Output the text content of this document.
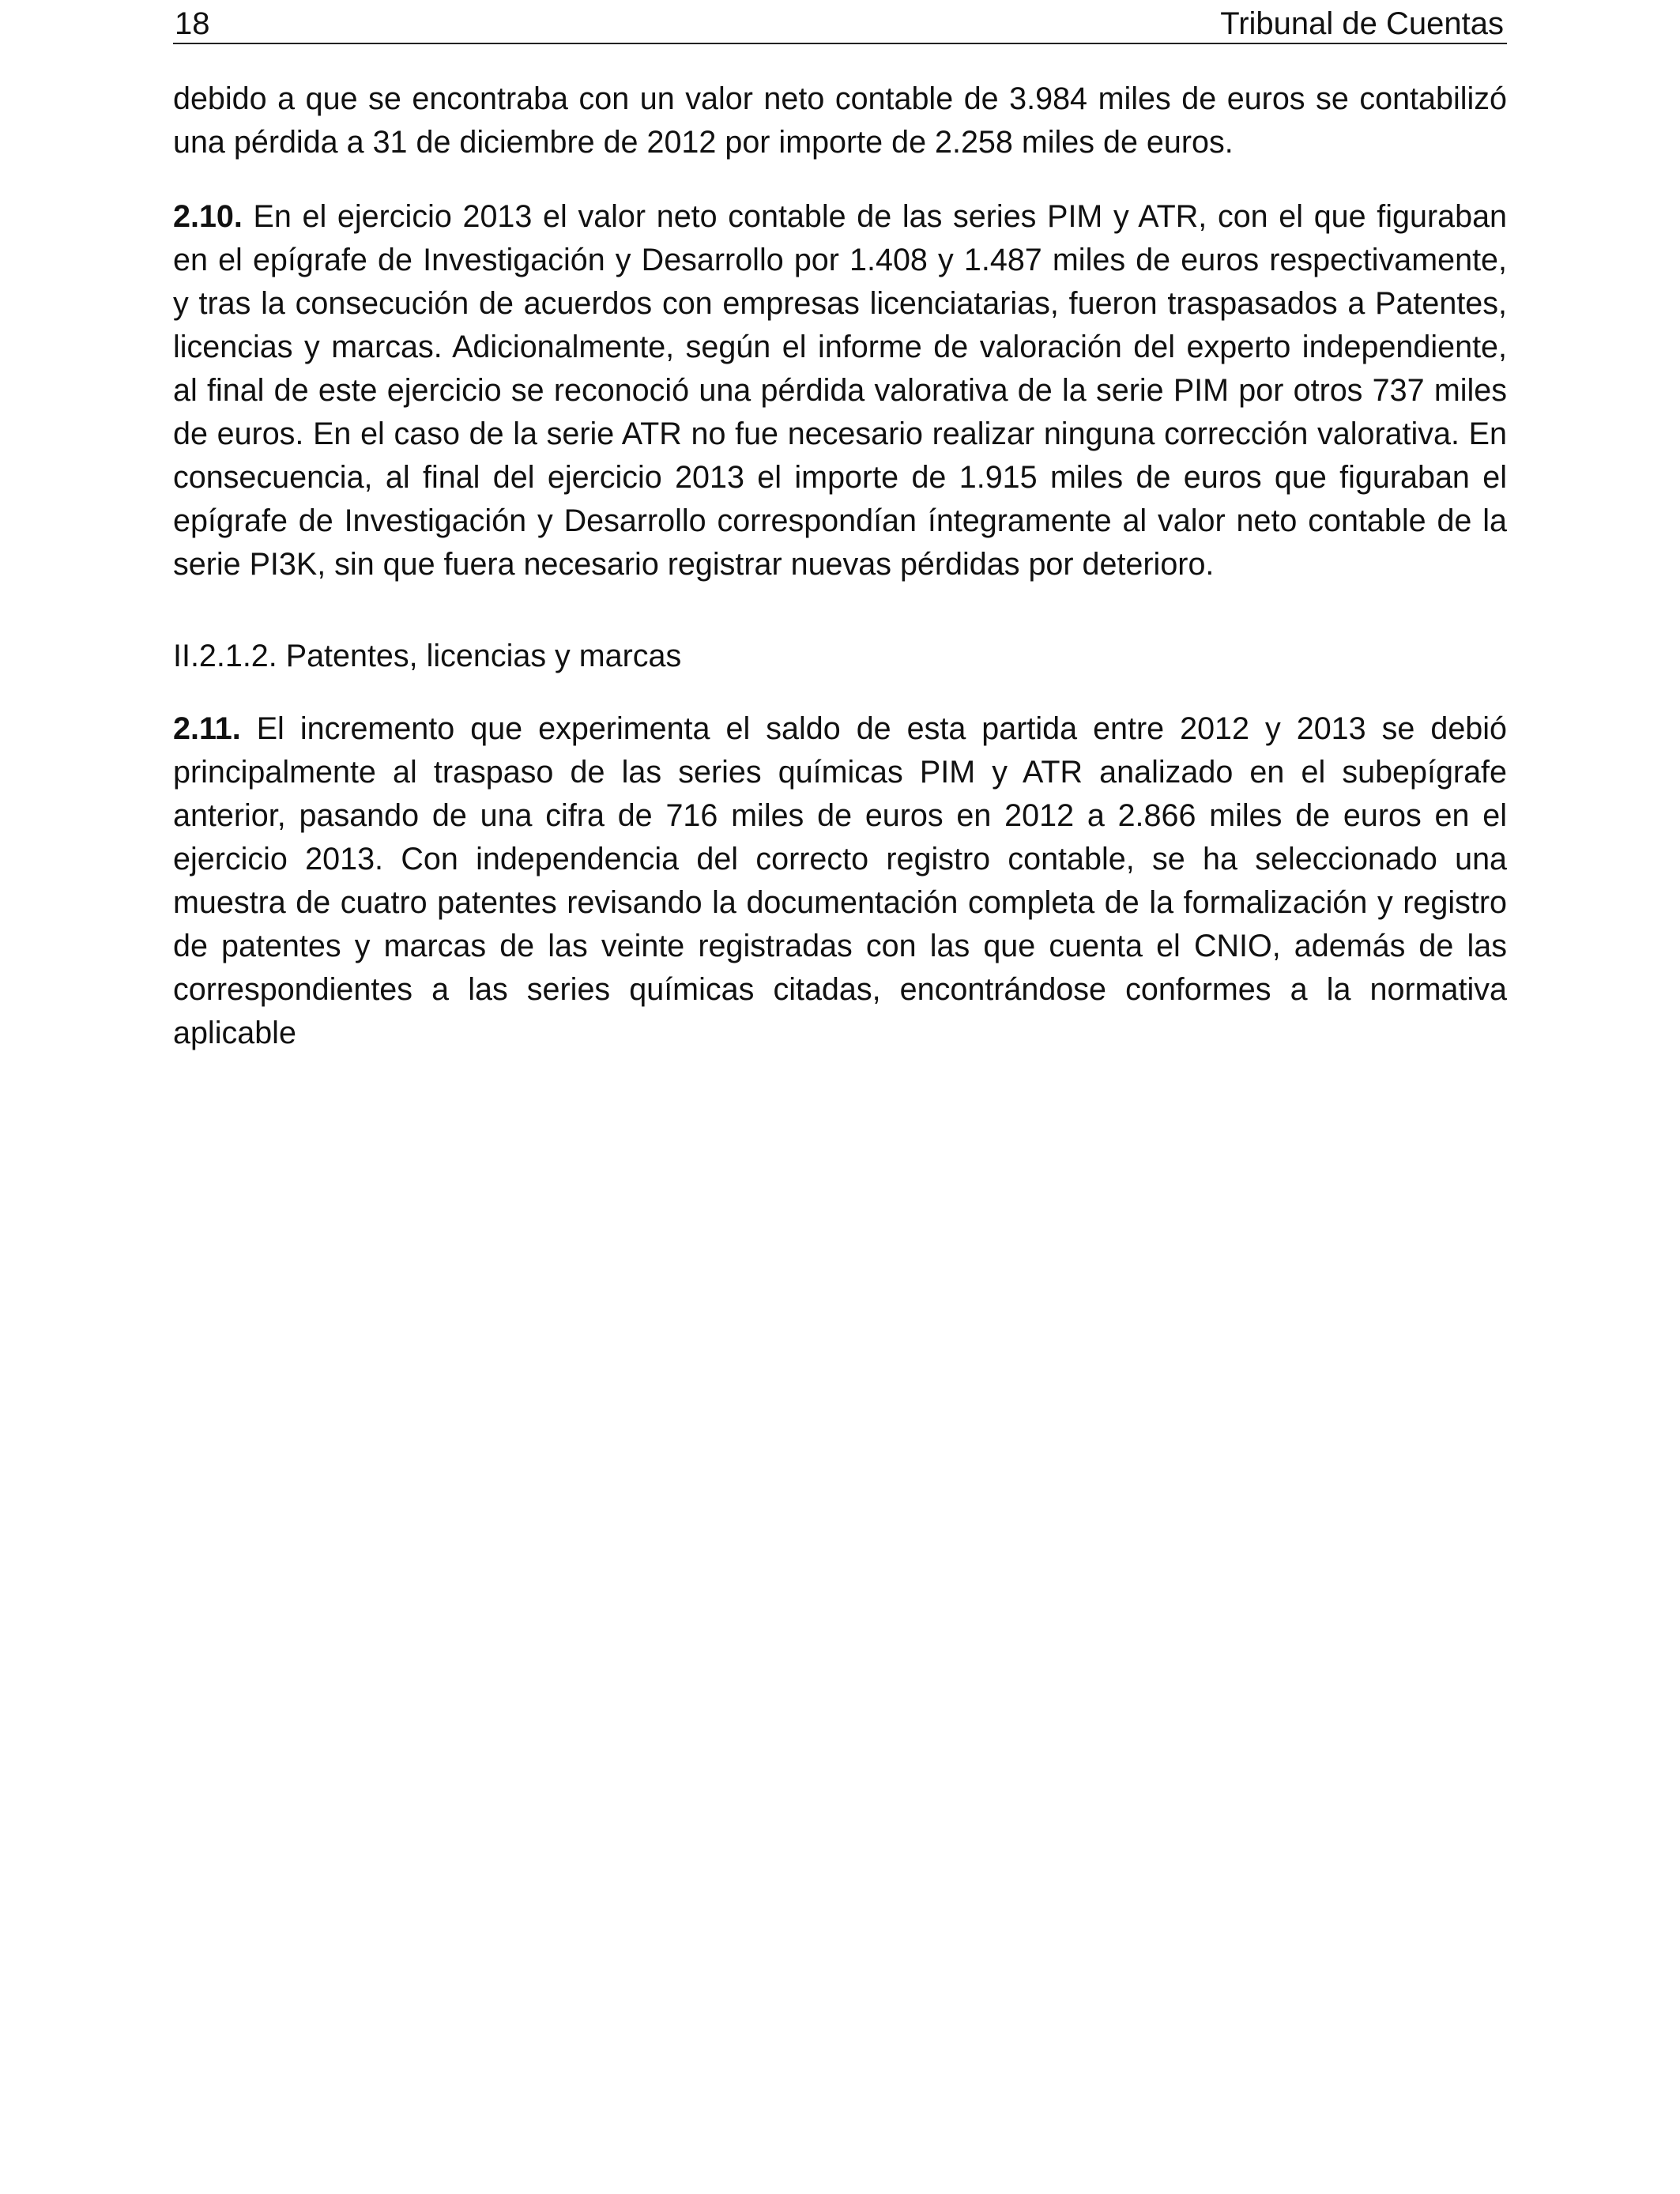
18	Tribunal de Cuentas

debido a que se encontraba con un valor neto contable de 3.984 miles de euros se contabilizó una pérdida a 31 de diciembre de 2012 por importe de 2.258 miles de euros.

2.10. En el ejercicio 2013 el valor neto contable de las series PIM y ATR, con el que figuraban en el epígrafe de Investigación y Desarrollo por 1.408 y 1.487 miles de euros respectivamente, y tras la consecución de acuerdos con empresas licenciatarias, fueron traspasados a Patentes, licencias y marcas. Adicionalmente, según el informe de valoración del experto independiente, al final de este ejercicio se reconoció una pérdida valorativa de la serie PIM por otros 737 miles de euros. En el caso de la serie ATR no fue necesario realizar ninguna corrección valorativa. En consecuencia, al final del ejercicio 2013 el importe de 1.915 miles de euros que figuraban el epígrafe de Investigación y Desarrollo correspondían íntegramente al valor neto contable de la serie PI3K, sin que fuera necesario registrar nuevas pérdidas por deterioro.

II.2.1.2. Patentes, licencias y marcas

2.11. El incremento que experimenta el saldo de esta partida entre 2012 y 2013 se debió principalmente al traspaso de las series químicas PIM y ATR analizado en el subepígrafe anterior, pasando de una cifra de 716 miles de euros en 2012 a 2.866 miles de euros en el ejercicio 2013. Con independencia del correcto registro contable, se ha seleccionado una muestra de cuatro patentes revisando la documentación completa de la formalización y registro de patentes y marcas de las veinte registradas con las que cuenta el CNIO, además de las correspondientes a las series químicas citadas, encontrándose conformes a la normativa aplicable
